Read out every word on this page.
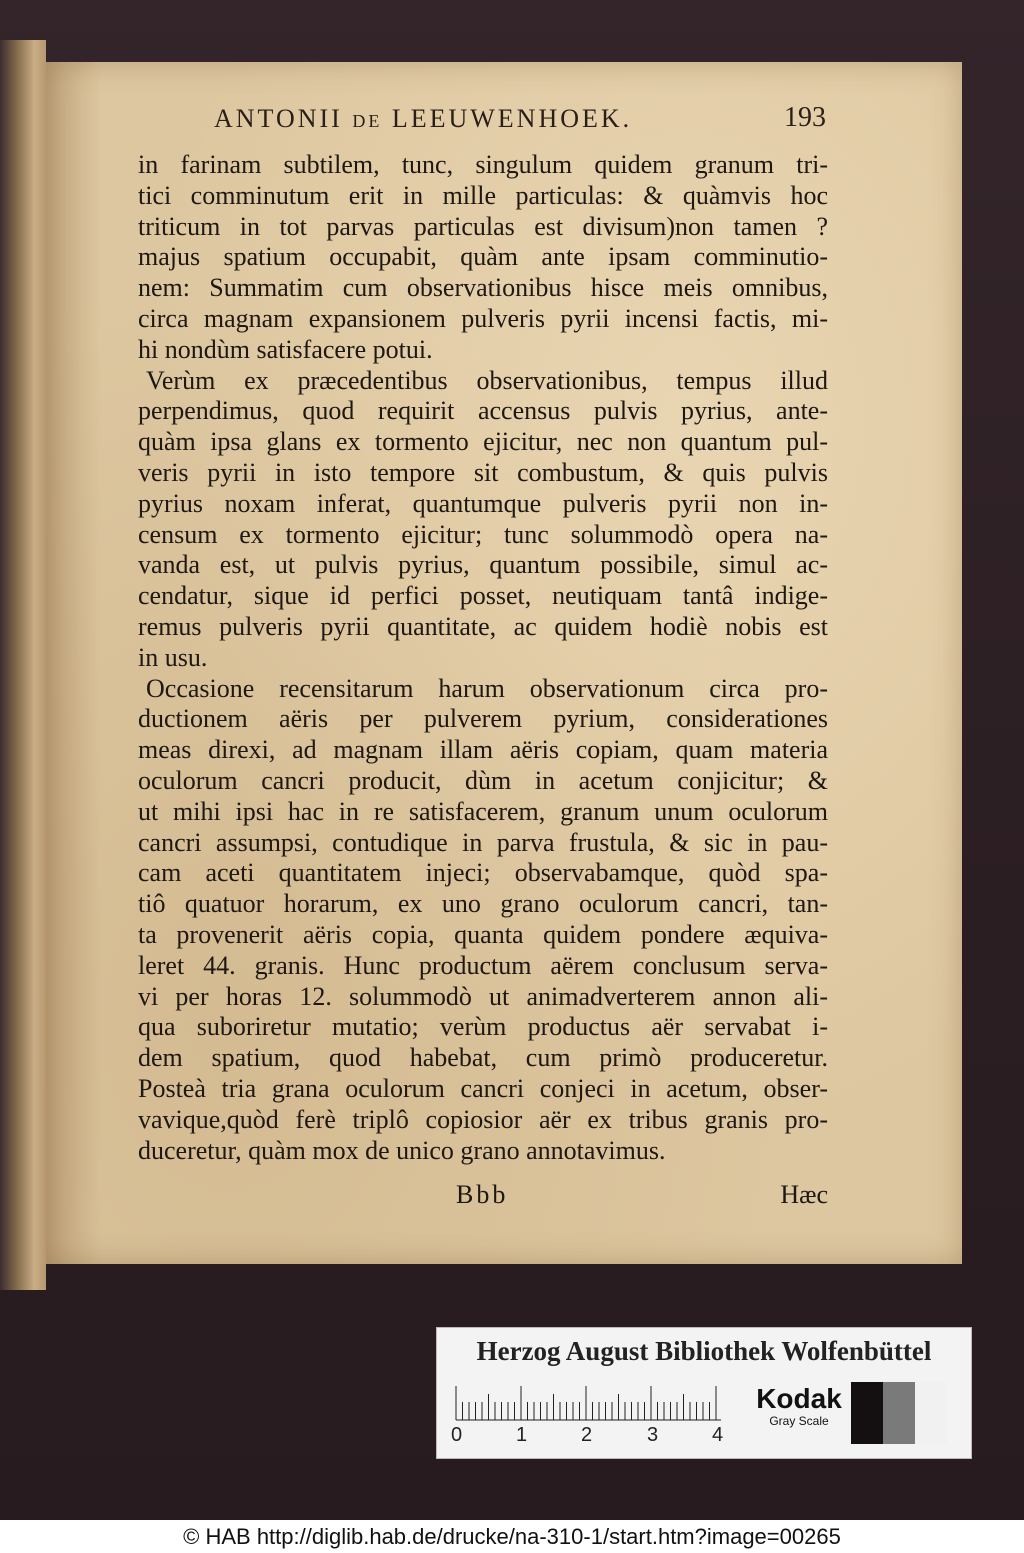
ANTONII de LEEUWENHOEK.	193
in farinam subtilem, tunc, singulum quidem granum tri-
tici comminutum erit in mille particulas: & quàmvis hoc
triticum in tot parvas particulas est divisum)non tamen ?
majus spatium occupabit, quàm ante ipsam comminutio-
nem: Summatim cum observationibus hisce meis omnibus,
circa magnam expansionem pulveris pyrii incensi factis, mi-
hi nondùm satisfacere potui.
Verùm ex præcedentibus observationibus, tempus illud
perpendimus, quod requirit accensus pulvis pyrius, ante-
quàm ipsa glans ex tormento ejicitur, nec non quantum pul-
veris pyrii in isto tempore sit combustum, & quis pulvis
pyrius noxam inferat, quantumque pulveris pyrii non in-
censum ex tormento ejicitur; tunc solummodò opera na-
vanda est, ut pulvis pyrius, quantum possibile, simul ac-
cendatur, sique id perfici posset, neutiquam tantâ indige-
remus pulveris pyrii quantitate, ac quidem hodiè nobis est
in usu.
Occasione recensitarum harum observationum circa pro-
ductionem aëris per pulverem pyrium, considerationes
meas direxi, ad magnam illam aëris copiam, quam materia
oculorum cancri producit, dùm in acetum conjicitur; &
ut mihi ipsi hac in re satisfacerem, granum unum oculorum
cancri assumpsi, contudique in parva frustula, & sic in pau-
cam aceti quantitatem injeci; observabamque, quòd spa-
tiô quatuor horarum, ex uno grano oculorum cancri, tan-
ta provenerit aëris copia, quanta quidem pondere æquiva-
leret 44. granis. Hunc productum aërem conclusum serva-
vi per horas 12. solummodò ut animadverterem annon ali-
qua suboriretur mutatio; verùm productus aër servabat i-
dem spatium, quod habebat, cum primò produceretur.
Posteà tria grana oculorum cancri conjeci in acetum, obser-
vavique,quòd ferè triplô copiosior aër ex tribus granis pro-
duceretur, quàm mox de unico grano annotavimus.
Bbb	Hæc
Herzog August Bibliothek Wolfenbüttel
0	1	2	3	4
Kodak
Gray Scale
© HAB http://diglib.hab.de/drucke/na-310-1/start.htm?image=00265
